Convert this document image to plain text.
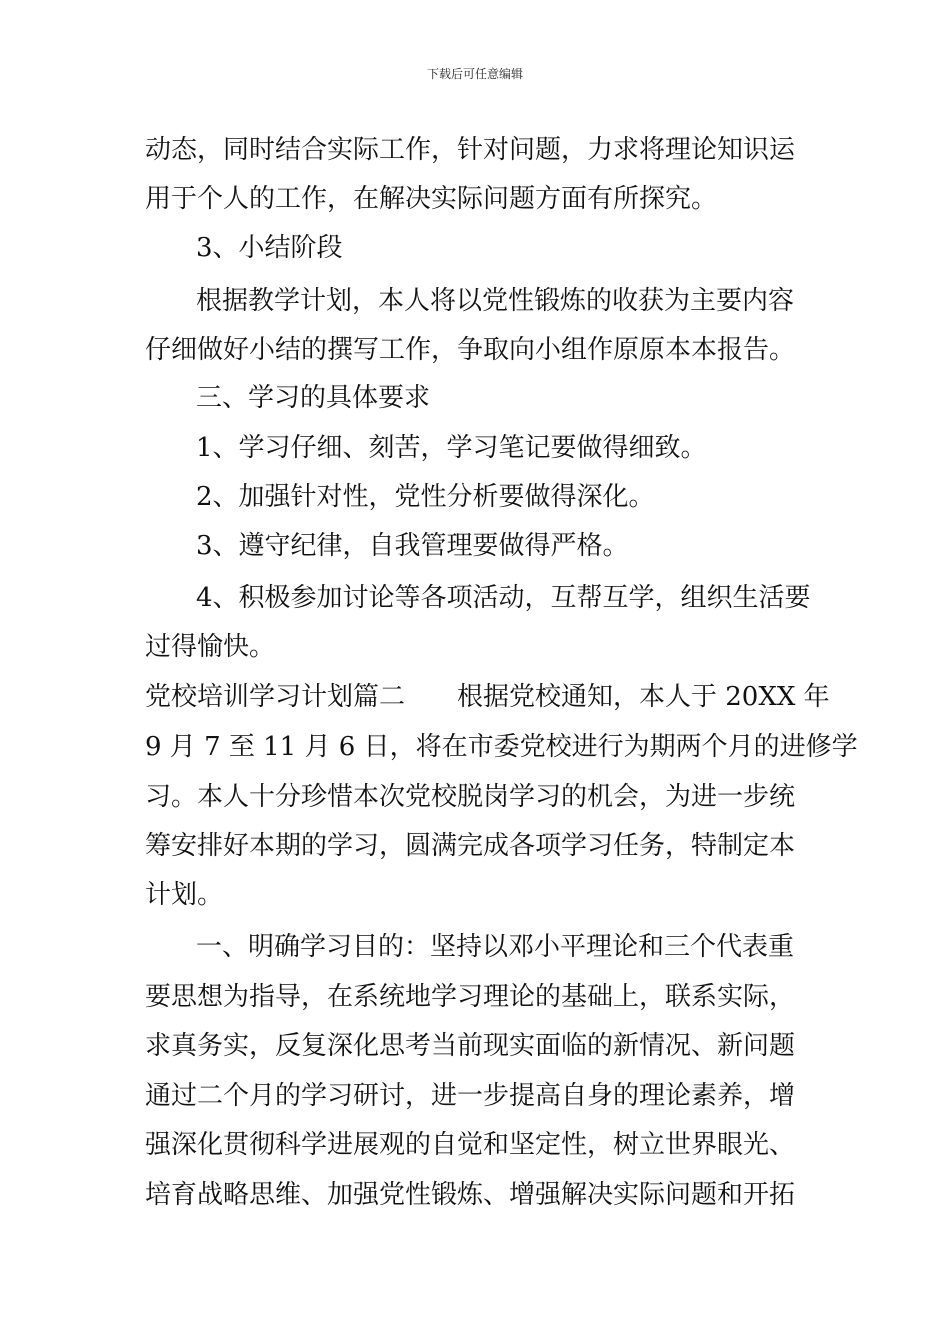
下载后可任意编辑
动态，同时结合实际工作，针对问题，力求将理论知识运
用于个人的工作，在解决实际问题方面有所探究。
3、小结阶段
根据教学计划，本人将以党性锻炼的收获为主要内容
仔细做好小结的撰写工作，争取向小组作原原本本报告。
三、学习的具体要求
1、学习仔细、刻苦，学习笔记要做得细致。
2、加强针对性，党性分析要做得深化。
3、遵守纪律，自我管理要做得严格。
4、积极参加讨论等各项活动，互帮互学，组织生活要
过得愉快。
党校培训学习计划篇二　　根据党校通知，本人于 20XX 年
9 月 7 至 11 月 6 日，将在市委党校进行为期两个月的进修学
习。本人十分珍惜本次党校脱岗学习的机会，为进一步统
筹安排好本期的学习，圆满完成各项学习任务，特制定本
计划。
一、明确学习目的：坚持以邓小平理论和三个代表重
要思想为指导，在系统地学习理论的基础上，联系实际，
求真务实，反复深化思考当前现实面临的新情况、新问题
通过二个月的学习研讨，进一步提高自身的理论素养，增
强深化贯彻科学进展观的自觉和坚定性，树立世界眼光、
培育战略思维、加强党性锻炼、增强解决实际问题和开拓
